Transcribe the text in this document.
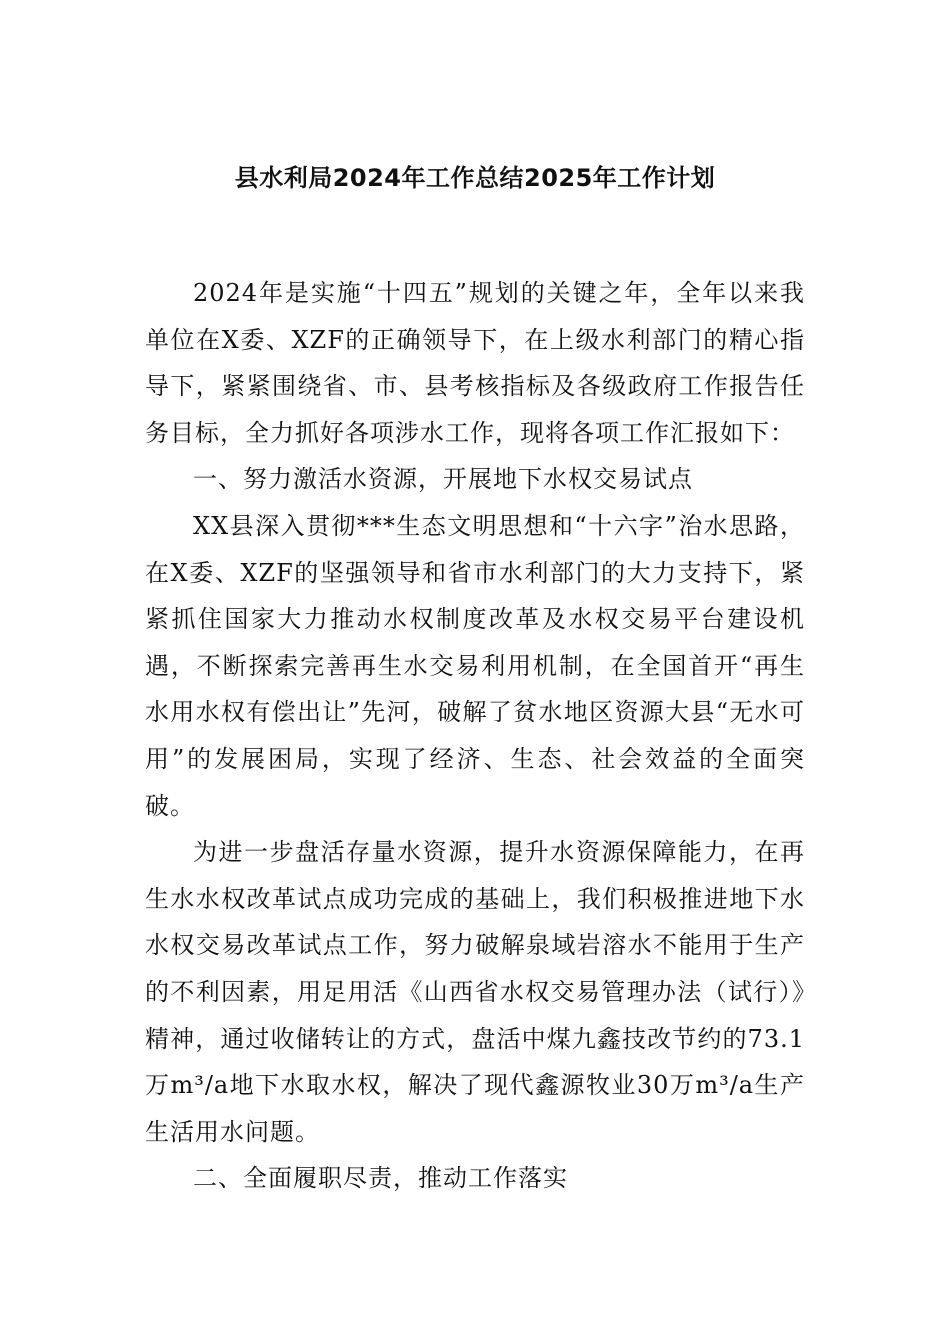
县水利局2024年工作总结2025年工作计划

2024年是实施“十四五”规划的关键之年，全年以来我单位在X委、XZF的正确领导下，在上级水利部门的精心指导下，紧紧围绕省、市、县考核指标及各级政府工作报告任务目标，全力抓好各项涉水工作，现将各项工作汇报如下：

一、努力激活水资源，开展地下水权交易试点

XX县深入贯彻***生态文明思想和“十六字”治水思路，在X委、XZF的坚强领导和省市水利部门的大力支持下，紧紧抓住国家大力推动水权制度改革及水权交易平台建设机遇，不断探索完善再生水交易利用机制，在全国首开“再生水用水权有偿出让”先河，破解了贫水地区资源大县“无水可用”的发展困局，实现了经济、生态、社会效益的全面突破。

为进一步盘活存量水资源，提升水资源保障能力，在再生水水权改革试点成功完成的基础上，我们积极推进地下水水权交易改革试点工作，努力破解泉域岩溶水不能用于生产的不利因素，用足用活《山西省水权交易管理办法（试行）》精神，通过收储转让的方式，盘活中煤九鑫技改节约的73.1万m³/a地下水取水权，解决了现代鑫源牧业30万m³/a生产生活用水问题。

二、全面履职尽责，推动工作落实
